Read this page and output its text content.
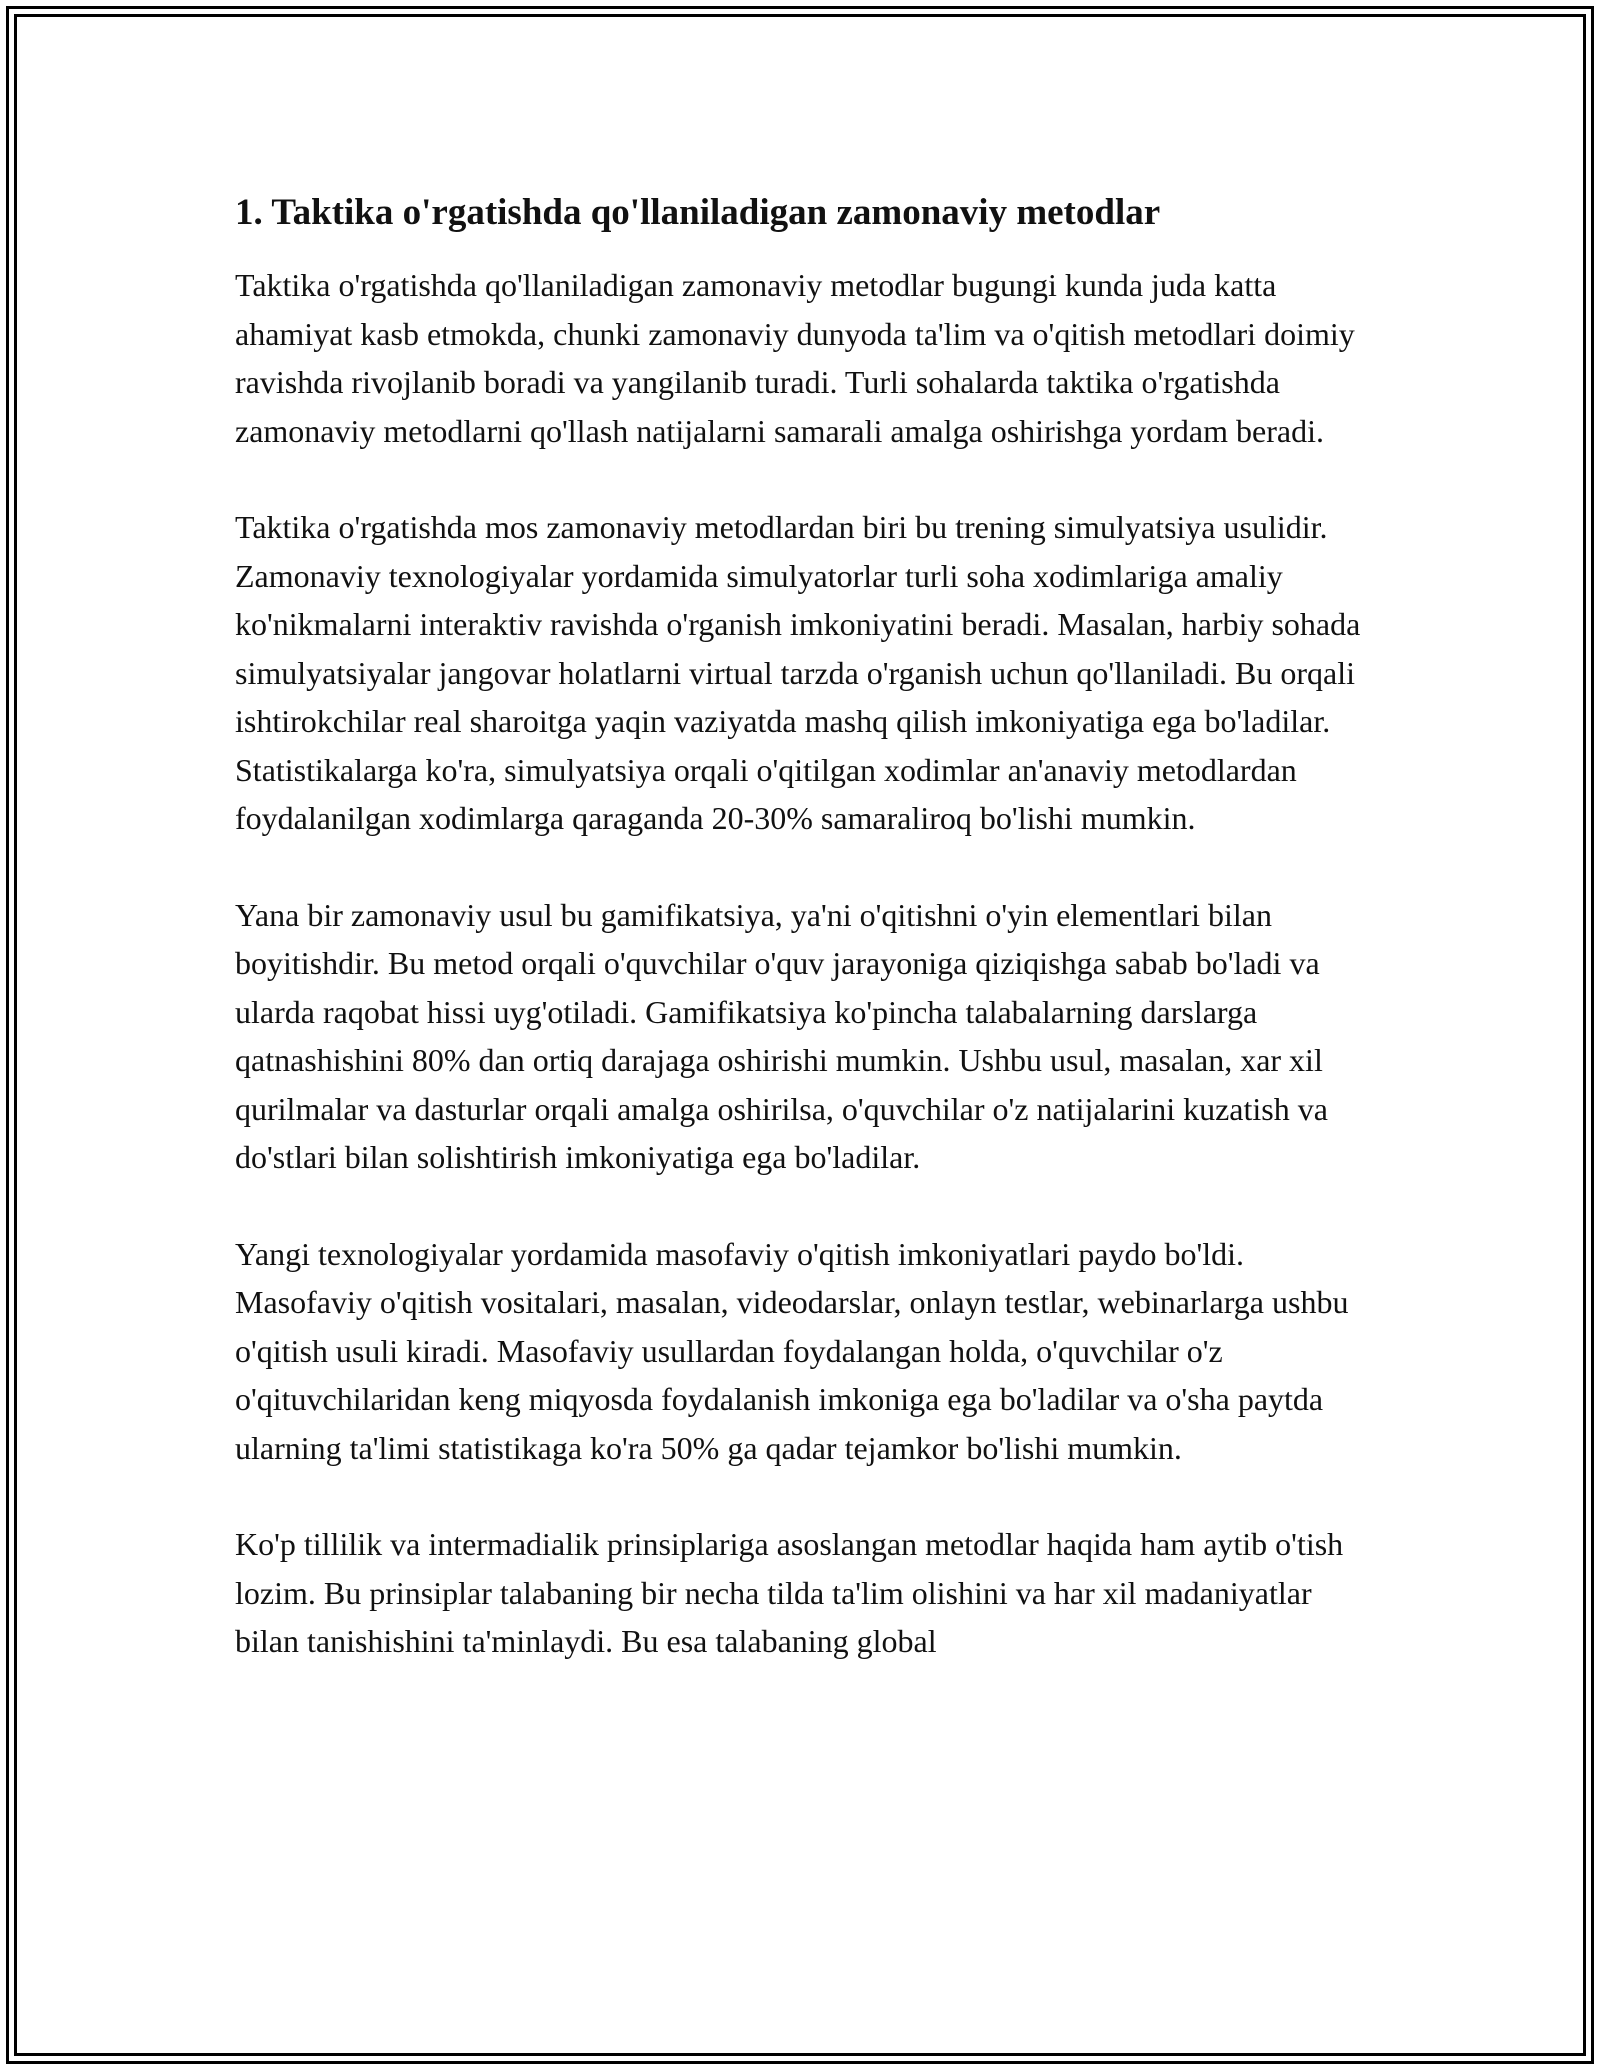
1. Taktika o'rgatishda qo'llaniladigan zamonaviy metodlar

Taktika o'rgatishda qo'llaniladigan zamonaviy metodlar bugungi kunda juda katta ahamiyat kasb etmokda, chunki zamonaviy dunyoda ta'lim va o'qitish metodlari doimiy ravishda rivojlanib boradi va yangilanib turadi. Turli sohalarda taktika o'rgatishda zamonaviy metodlarni qo'llash natijalarni samarali amalga oshirishga yordam beradi.

Taktika o'rgatishda mos zamonaviy metodlardan biri bu trening simulyatsiya usulidir. Zamonaviy texnologiyalar yordamida simulyatorlar turli soha xodimlariga amaliy ko'nikmalarni interaktiv ravishda o'rganish imkoniyatini beradi. Masalan, harbiy sohada simulyatsiyalar jangovar holatlarni virtual tarzda o'rganish uchun qo'llaniladi. Bu orqali ishtirokchilar real sharoitga yaqin vaziyatda mashq qilish imkoniyatiga ega bo'ladilar. Statistikalarga ko'ra, simulyatsiya orqali o'qitilgan xodimlar an'anaviy metodlardan foydalanilgan xodimlarga qaraganda 20-30% samaraliroq bo'lishi mumkin.

Yana bir zamonaviy usul bu gamifikatsiya, ya'ni o'qitishni o'yin elementlari bilan boyitishdir. Bu metod orqali o'quvchilar o'quv jarayoniga qiziqishga sabab bo'ladi va ularda raqobat hissi uyg'otiladi. Gamifikatsiya ko'pincha talabalarning darslarga qatnashishini 80% dan ortiq darajaga oshirishi mumkin. Ushbu usul, masalan, xar xil qurilmalar va dasturlar orqali amalga oshirilsa, o'quvchilar o'z natijalarini kuzatish va do'stlari bilan solishtirish imkoniyatiga ega bo'ladilar.

Yangi texnologiyalar yordamida masofaviy o'qitish imkoniyatlari paydo bo'ldi. Masofaviy o'qitish vositalari, masalan, videodarslar, onlayn testlar, webinarlarga ushbu o'qitish usuli kiradi. Masofaviy usullardan foydalangan holda, o'quvchilar o'z o'qituvchilaridan keng miqyosda foydalanish imkoniga ega bo'ladilar va o'sha paytda ularning ta'limi statistikaga ko'ra 50% ga qadar tejamkor bo'lishi mumkin.

Ko'p tillilik va intermadialik prinsiplariga asoslangan metodlar haqida ham aytib o'tish lozim. Bu prinsiplar talabaning bir necha tilda ta'lim olishini va har xil madaniyatlar bilan tanishishini ta'minlaydi. Bu esa talabaning global
